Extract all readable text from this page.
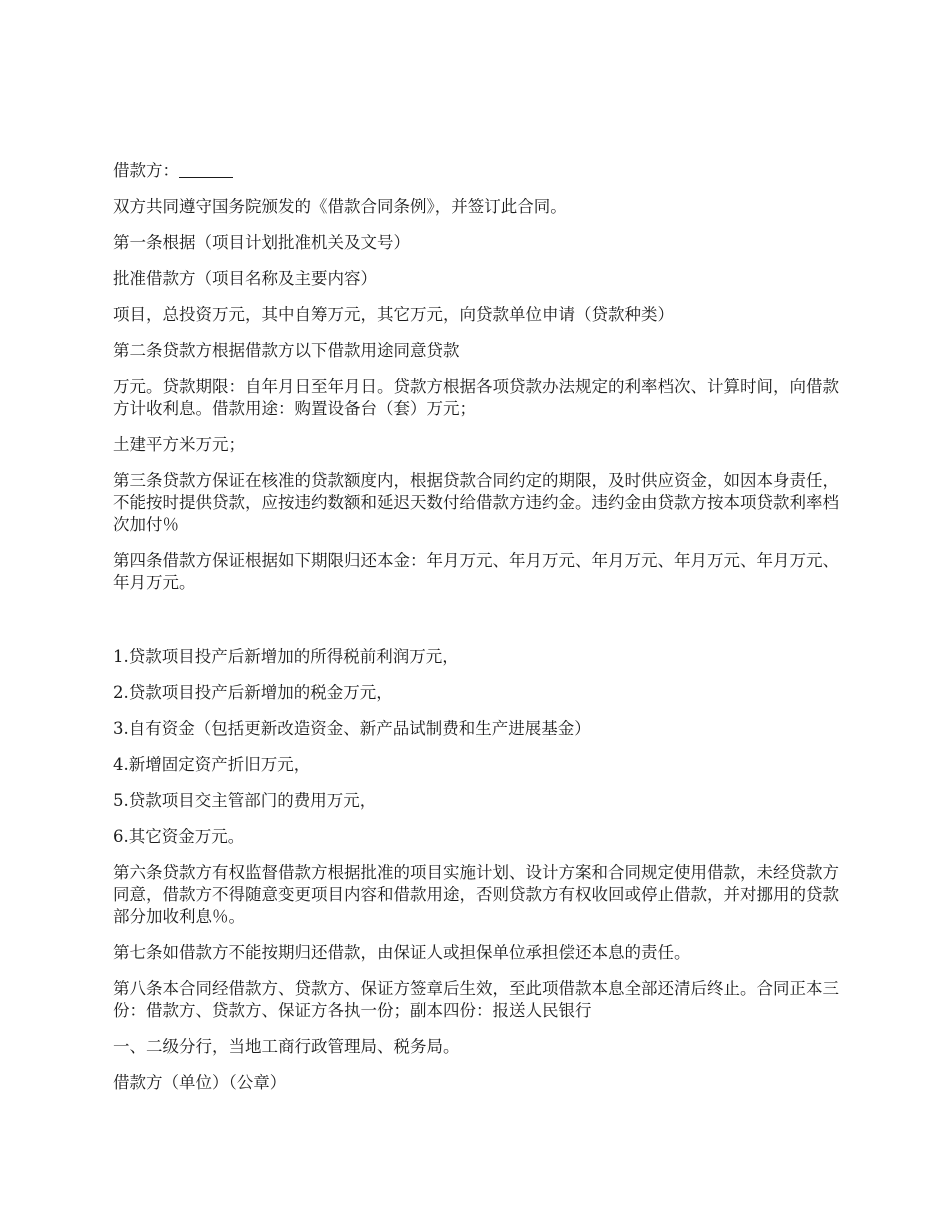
借款方：

双方共同遵守国务院颁发的《借款合同条例》，并签订此合同。

第一条根据（项目计划批准机关及文号）

批准借款方（项目名称及主要内容）

项目，总投资万元，其中自筹万元，其它万元，向贷款单位申请（贷款种类）

第二条贷款方根据借款方以下借款用途同意贷款

万元。贷款期限：自年月日至年月日。贷款方根据各项贷款办法规定的利率档次、计算时间，向借款方计收利息。借款用途：购置设备台（套）万元；

土建平方米万元；

第三条贷款方保证在核准的贷款额度内，根据贷款合同约定的期限，及时供应资金，如因本身责任，不能按时提供贷款，应按违约数额和延迟天数付给借款方违约金。违约金由贷款方按本项贷款利率档次加付％

第四条借款方保证根据如下期限归还本金：年月万元、年月万元、年月万元、年月万元、年月万元、年月万元。

1.贷款项目投产后新增加的所得税前利润万元，

2.贷款项目投产后新增加的税金万元，

3.自有资金（包括更新改造资金、新产品试制费和生产进展基金）

4.新增固定资产折旧万元，

5.贷款项目交主管部门的费用万元，

6.其它资金万元。

第六条贷款方有权监督借款方根据批准的项目实施计划、设计方案和合同规定使用借款，未经贷款方同意，借款方不得随意变更项目内容和借款用途，否则贷款方有权收回或停止借款，并对挪用的贷款部分加收利息％。

第七条如借款方不能按期归还借款，由保证人或担保单位承担偿还本息的责任。

第八条本合同经借款方、贷款方、保证方签章后生效，至此项借款本息全部还清后终止。合同正本三份：借款方、贷款方、保证方各执一份；副本四份：报送人民银行

一、二级分行，当地工商行政管理局、税务局。

借款方（单位）（公章）
